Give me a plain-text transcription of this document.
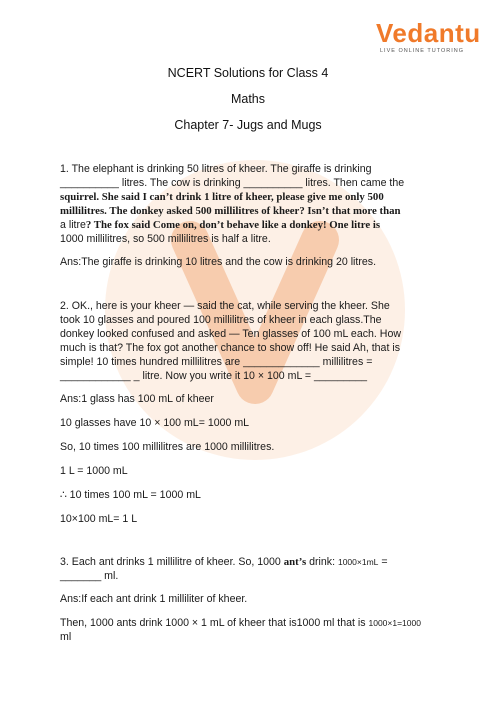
Vedantu
LIVE ONLINE TUTORING
NCERT Solutions for Class 4
Maths
Chapter 7- Jugs and Mugs
1. The elephant is drinking 50 litres of kheer. The giraffe is drinking
__________ litres. The cow is drinking __________ litres. Then came the
squirrel. She said I can’t drink 1 litre of kheer, please give me only 500
millilitres. The donkey asked 500 millilitres of kheer? Isn’t that more than
a litre? The fox said Come on, don’t behave like a donkey! One litre is
1000 millilitres, so 500 millilitres is half a litre.
Ans:The giraffe is drinking 10 litres and the cow is drinking 20 litres.
2. OK., here is your kheer — said the cat, while serving the kheer. She
took 10 glasses and poured 100 millilitres of kheer in each glass.The
donkey looked confused and asked — Ten glasses of 100 mL each. How
much is that? The fox got another chance to show off! He said Ah, that is
simple! 10 times hundred millilitres are _____________ millilitres =
____________ _ litre. Now you write it 10 × 100 mL = _________
Ans:1 glass has 100 mL of kheer
10 glasses have 10 × 100 mL= 1000 mL
So, 10 times 100 millilitres are 1000 millilitres.
1 L = 1000 mL
∴ 10 times 100 mL = 1000 mL
10×100 mL= 1 L
3. Each ant drinks 1 millilitre of kheer. So, 1000 ant’s drink: 1000×1mL =
_______ ml.
Ans:If each ant drink 1 milliliter of kheer.
Then, 1000 ants drink 1000 × 1 mL of kheer that is1000 ml that is 1000×1=1000
ml
